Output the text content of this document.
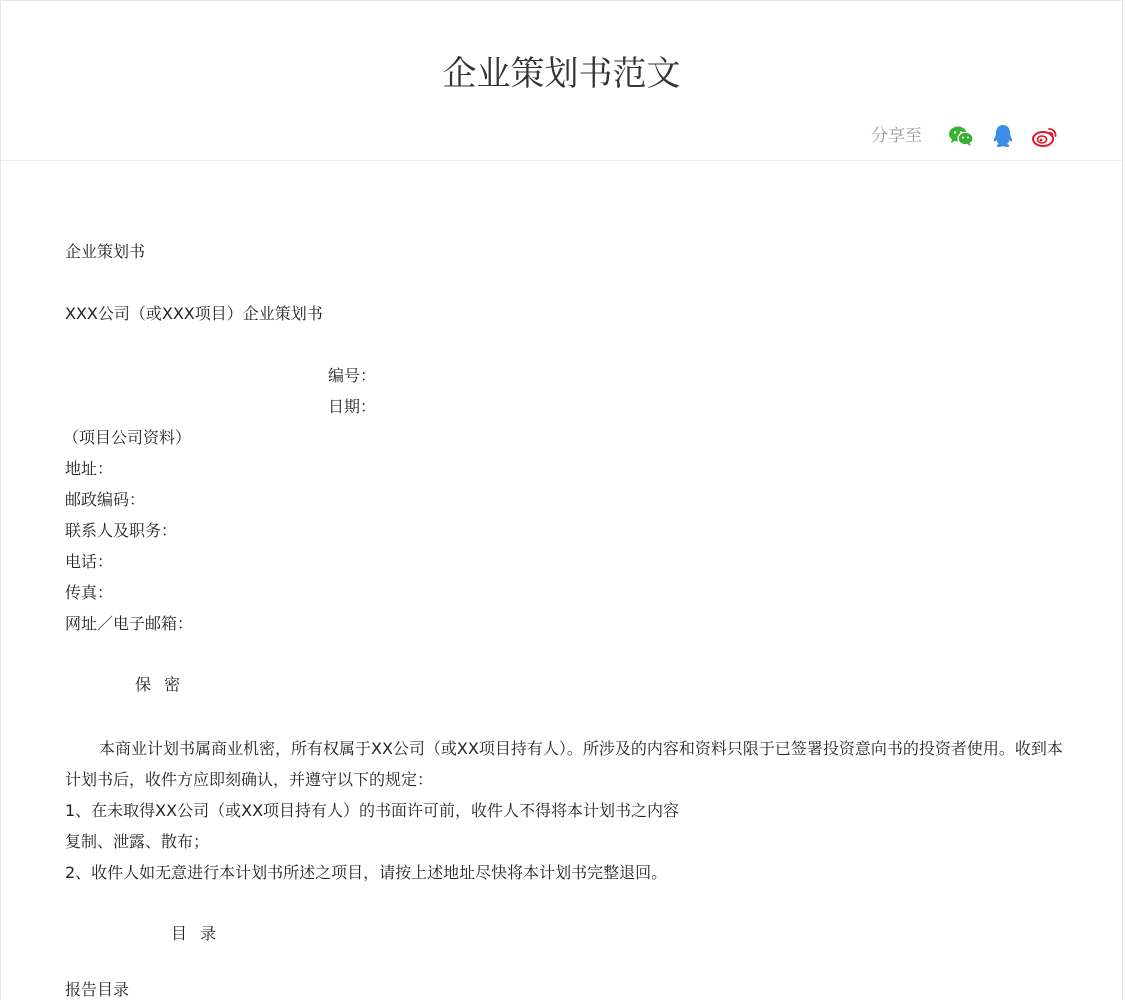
企业策划书范文
分享至
企业策划书
XXX公司（或XXX项目）企业策划书
编号：
日期：
（项目公司资料）
地址：
邮政编码：
联系人及职务：
电话：
传真：
网址／电子邮箱：
保 密
本商业计划书属商业机密，所有权属于XX公司（或XX项目持有人）。所涉及的内容和资料只限于已签署投资意向书的投资者使用。收到本计划书后，收件方应即刻确认，并遵守以下的规定：
1、在未取得XX公司（或XX项目持有人）的书面许可前，收件人不得将本计划书之内容
复制、泄露、散布；
2、收件人如无意进行本计划书所述之项目，请按上述地址尽快将本计划书完整退回。
目 录
报告目录
